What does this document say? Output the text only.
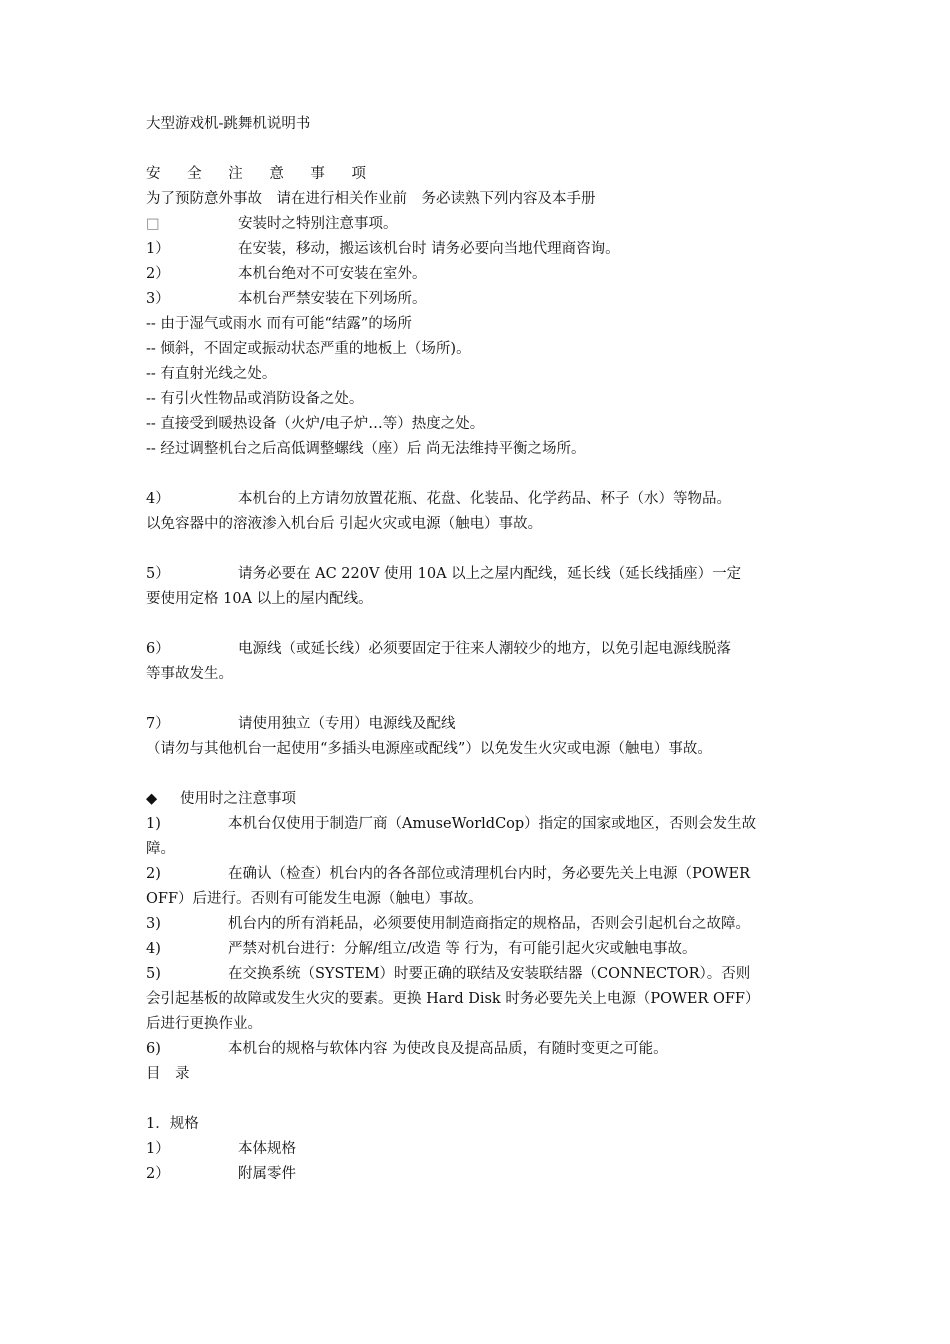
大型游戏机-跳舞机说明书

安 全 注 意 事 项

为了预防意外事故　请在进行相关作业前　务必读熟下列内容及本手册

□	安装时之特别注意事项。

1）	在安装，移动，搬运该机台时 请务必要向当地代理商咨询。

2）	本机台绝对不可安装在室外。

3）	本机台严禁安装在下列场所。

-- 由于湿气或雨水 而有可能“结露”的场所

-- 倾斜，不固定或振动状态严重的地板上（场所)。

-- 有直射光线之处。

-- 有引火性物品或消防设备之处。

-- 直接受到暖热设备（火炉/电子炉…等）热度之处。

-- 经过调整机台之后高低调整螺线（座）后 尚无法维持平衡之场所。

4）	本机台的上方请勿放置花瓶、花盘、化装品、化学药品、杯子（水）等物品。

以免容器中的溶液渗入机台后 引起火灾或电源（触电）事故。

5）	请务必要在 AC 220V 使用 10A 以上之屋内配线，延长线（延长线插座）一定

要使用定格 10A 以上的屋内配线。

6）	电源线（或延长线）必须要固定于往来人潮较少的地方，以免引起电源线脱落

等事故发生。

7）	请使用独立（专用）电源线及配线

（请勿与其他机台一起使用“多插头电源座或配线”）以免发生火灾或电源（触电）事故。

◆ 使用时之注意事项

1)	本机台仅使用于制造厂商（AmuseWorldCop）指定的国家或地区，否则会发生故

障。

2)	在确认（检查）机台内的各各部位或清理机台内时，务必要先关上电源（POWER

OFF）后进行。否则有可能发生电源（触电）事故。

3)	机台内的所有消耗品，必须要使用制造商指定的规格品，否则会引起机台之故障。

4)	严禁对机台进行：分解/组立/改造 等 行为，有可能引起火灾或触电事故。

5)	在交换系统（SYSTEM）时要正确的联结及安装联结器（CONNECTOR）。否则

会引起基板的故障或发生火灾的要素。更换 Hard Disk 时务必要先关上电源（POWER OFF）

后进行更换作业。

6)	本机台的规格与软体内容 为使改良及提高品质，有随时变更之可能。

目　录

1．规格

1）	本体规格

2）	附属零件
